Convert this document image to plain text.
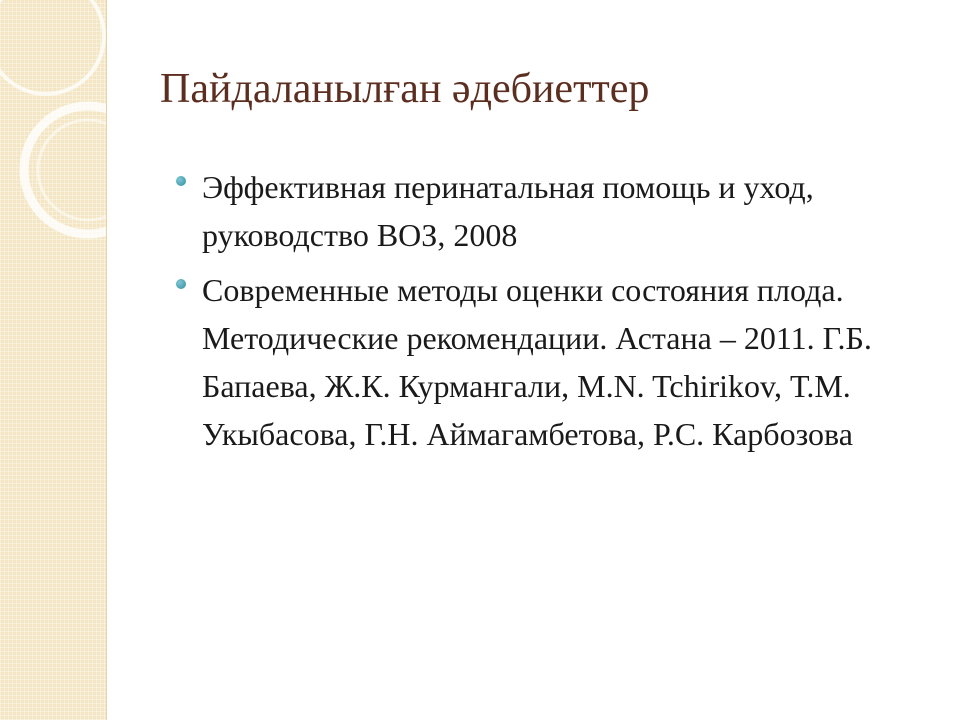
Пайдаланылған әдебиеттер
Эффективная перинатальная помощь и уход, руководство ВОЗ, 2008
Современные методы оценки состояния плода. Методические рекомендации. Астана – 2011. Г.Б. Бапаева, Ж.К. Курмангали, M.N. Tchirikov, Т.М. Укыбасова, Г.Н. Аймагамбетова, Р.С. Карбозова
